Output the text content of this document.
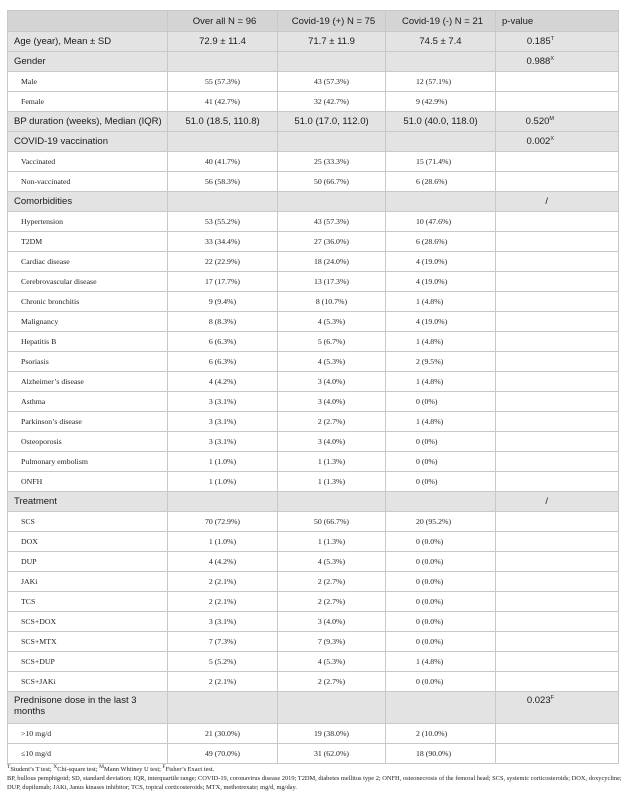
	Over all N = 96	Covid-19 (+) N = 75	Covid-19 (-) N = 21	p-value
Age (year), Mean ± SD	72.9 ± 11.4	71.7 ± 11.9	74.5 ± 7.4	$0.185^T$
Gender				$0.988^X$
Male	55 (57.3%)	43 (57.3%)	12 (57.1%)	
Female	41 (42.7%)	32 (42.7%)	9 (42.9%)	
BP duration (weeks), Median (IQR)	51.0 (18.5, 110.8)	51.0 (17.0, 112.0)	51.0 (40.0, 118.0)	$0.520^M$
COVID-19 vaccination				$0.002^X$
Vaccinated	40 (41.7%)	25 (33.3%)	15 (71.4%)	
Non-vaccinated	56 (58.3%)	50 (66.7%)	6 (28.6%)	
Comorbidities				/
Hypertension	53 (55.2%)	43 (57.3%)	10 (47.6%)	
T2DM	33 (34.4%)	27 (36.0%)	6 (28.6%)	
Cardiac disease	22 (22.9%)	18 (24.0%)	4 (19.0%)	
Cerebrovascular disease	17 (17.7%)	13 (17.3%)	4 (19.0%)	
Chronic bronchitis	9 (9.4%)	8 (10.7%)	1 (4.8%)	
Malignancy	8 (8.3%)	4 (5.3%)	4 (19.0%)	
Hepatitis B	6 (6.3%)	5 (6.7%)	1 (4.8%)	
Psoriasis	6 (6.3%)	4 (5.3%)	2 (9.5%)	
Alzheimer’s disease	4 (4.2%)	3 (4.0%)	1 (4.8%)	
Asthma	3 (3.1%)	3 (4.0%)	0 (0%)	
Parkinson’s disease	3 (3.1%)	2 (2.7%)	1 (4.8%)	
Osteoporosis	3 (3.1%)	3 (4.0%)	0 (0%)	
Pulmonary embolism	1 (1.0%)	1 (1.3%)	0 (0%)	
ONFH	1 (1.0%)	1 (1.3%)	0 (0%)	
Treatment				/
SCS	70 (72.9%)	50 (66.7%)	20 (95.2%)	
DOX	1 (1.0%)	1 (1.3%)	0 (0.0%)	
DUP	4 (4.2%)	4 (5.3%)	0 (0.0%)	
JAKi	2 (2.1%)	2 (2.7%)	0 (0.0%)	
TCS	2 (2.1%)	2 (2.7%)	0 (0.0%)	
SCS+DOX	3 (3.1%)	3 (4.0%)	0 (0.0%)	
SCS+MTX	7 (7.3%)	7 (9.3%)	0 (0.0%)	
SCS+DUP	5 (5.2%)	4 (5.3%)	1 (4.8%)	
SCS+JAKi	2 (2.1%)	2 (2.7%)	0 (0.0%)	
Prednisone dose in the last 3 months				$0.023^F$
>10 mg/d	21 (30.0%)	19 (38.0%)	2 (10.0%)	
≤10 mg/d	49 (70.0%)	31 (62.0%)	18 (90.0%)	
$^T$Student’s T test; $^X$Chi-square test; $^M$Mann Whitney U test; $^F$Fisher’s Exact test.
BP, bullous pemphigoid; SD, standard deviation; IQR, interquartile range; COVID-19, coronavirus disease 2019; T2DM, diabetes mellitus type 2; ONFH, osteonecrosis of the femoral head; SCS, systemic corticosteroids; DOX, doxycycline; DUP, dupilumab; JAKi, Janus kinases inhibitor; TCS, topical corticosteroids; MTX, methotrexate; mg/d, mg/day.
